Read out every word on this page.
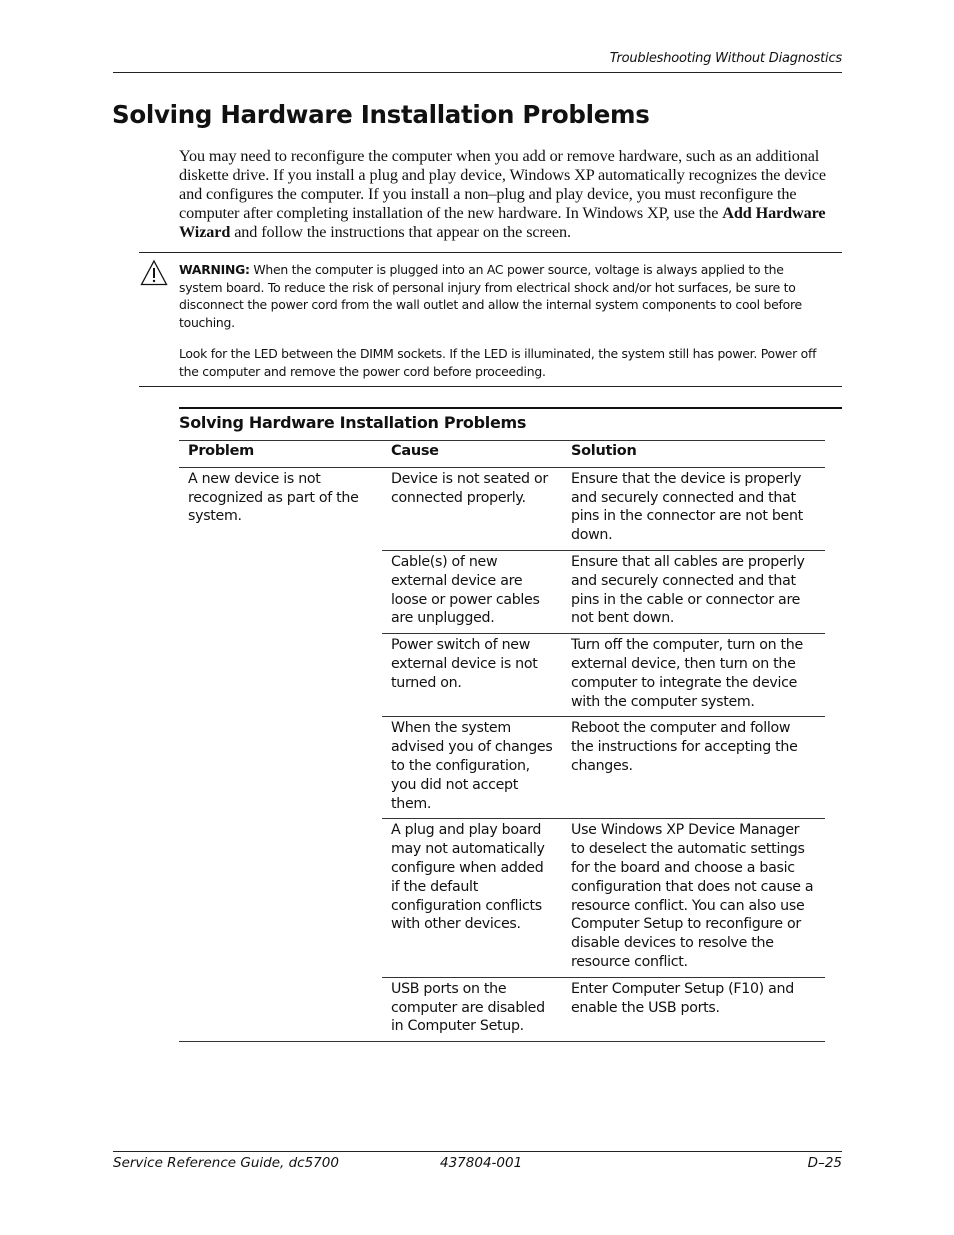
Troubleshooting Without Diagnostics
Solving Hardware Installation Problems

You may need to reconfigure the computer when you add or remove hardware, such as an additional diskette drive. If you install a plug and play device, Windows XP automatically recognizes the device and configures the computer. If you install a non–plug and play device, you must reconfigure the computer after completing installation of the new hardware. In Windows XP, use the Add Hardware Wizard and follow the instructions that appear on the screen.

WARNING: When the computer is plugged into an AC power source, voltage is always applied to the system board. To reduce the risk of personal injury from electrical shock and/or hot surfaces, be sure to disconnect the power cord from the wall outlet and allow the internal system components to cool before touching.

Look for the LED between the DIMM sockets. If the LED is illuminated, the system still has power. Power off the computer and remove the power cord before proceeding.

Solving Hardware Installation Problems
Problem	Cause	Solution
A new device is not recognized as part of the system.	Device is not seated or connected properly.	Ensure that the device is properly and securely connected and that pins in the connector are not bent down.
	Cable(s) of new external device are loose or power cables are unplugged.	Ensure that all cables are properly and securely connected and that pins in the cable or connector are not bent down.
	Power switch of new external device is not turned on.	Turn off the computer, turn on the external device, then turn on the computer to integrate the device with the computer system.
	When the system advised you of changes to the configuration, you did not accept them.	Reboot the computer and follow the instructions for accepting the changes.
	A plug and play board may not automatically configure when added if the default configuration conflicts with other devices.	Use Windows XP Device Manager to deselect the automatic settings for the board and choose a basic configuration that does not cause a resource conflict. You can also use Computer Setup to reconfigure or disable devices to resolve the resource conflict.
	USB ports on the computer are disabled in Computer Setup.	Enter Computer Setup (F10) and enable the USB ports.
Service Reference Guide, dc5700	437804-001	D–25
